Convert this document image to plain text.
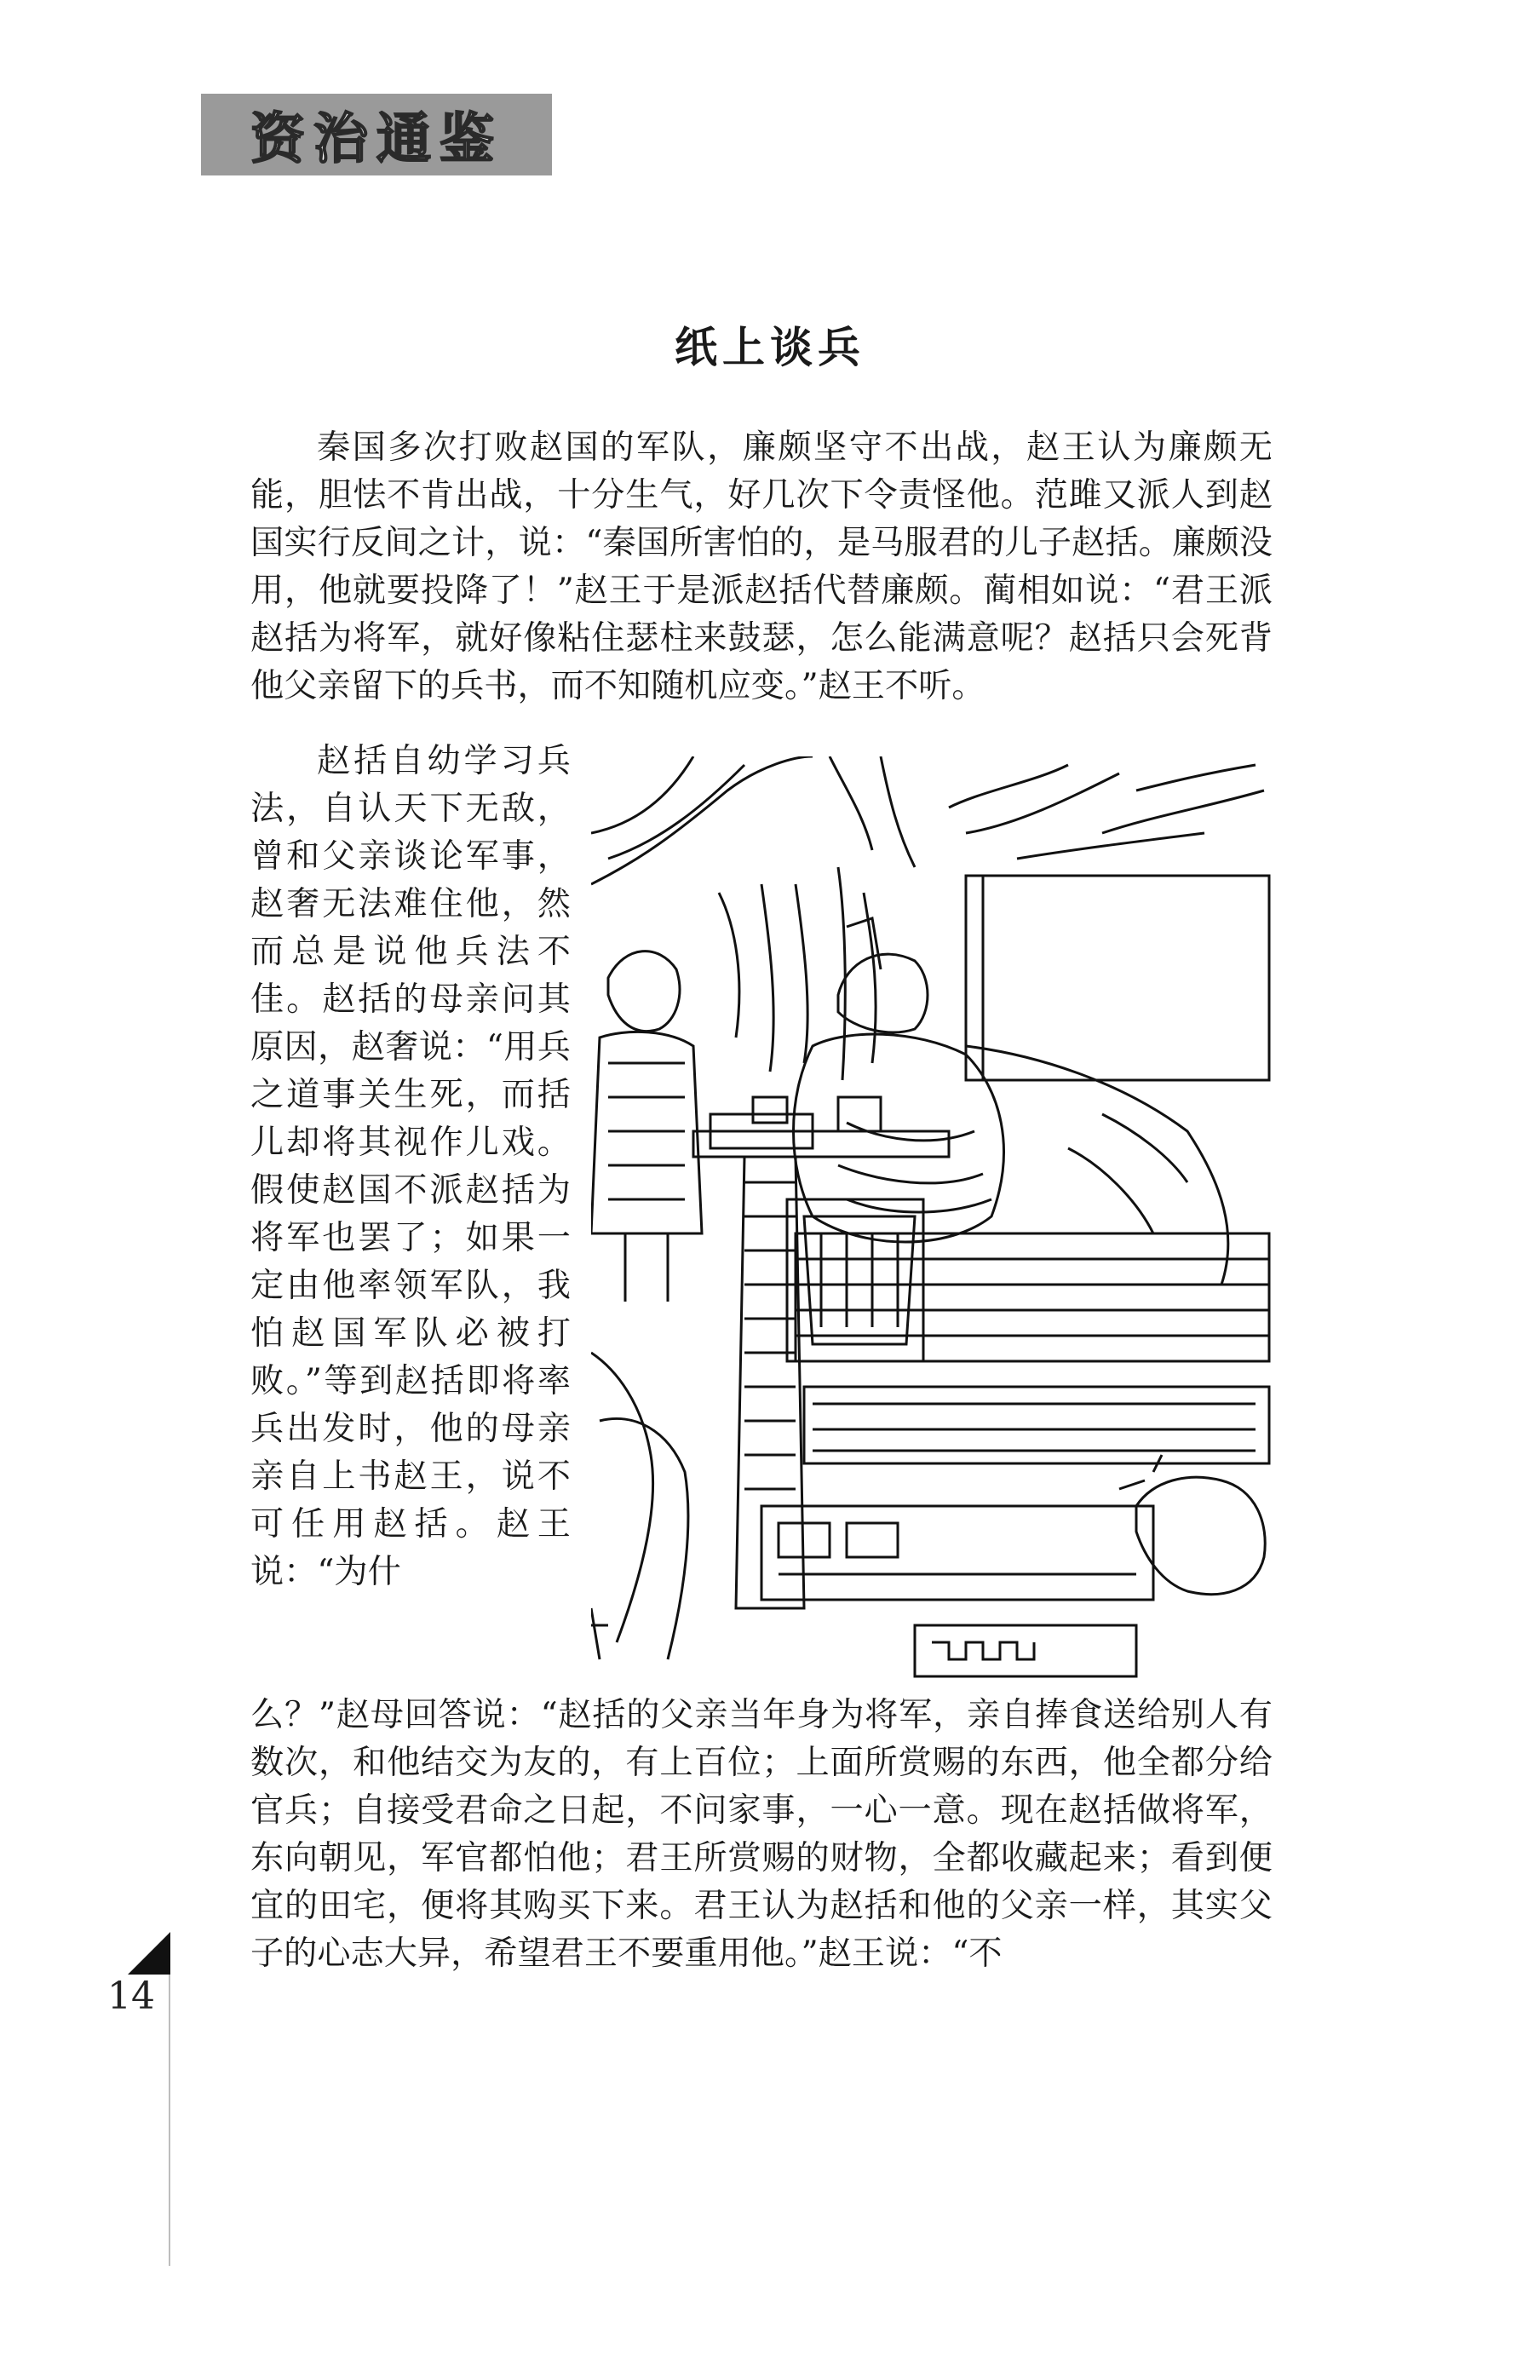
资治通鉴
纸上谈兵

秦国多次打败赵国的军队，廉颇坚守不出战，赵王认为廉颇无能，胆怯不肯出战，十分生气，好几次下令责怪他。范雎又派人到赵国实行反间之计，说：“秦国所害怕的，是马服君的儿子赵括。廉颇没用，他就要投降了！”赵王于是派赵括代替廉颇。蔺相如说：“君王派赵括为将军，就好像粘住瑟柱来鼓瑟，怎么能满意呢？赵括只会死背他父亲留下的兵书，而不知随机应变。”赵王不听。

赵括自幼学习兵法，自认天下无敌，曾和父亲谈论军事，赵奢无法难住他，然而总是说他兵法不佳。赵括的母亲问其原因，赵奢说：“用兵之道事关生死，而括儿却将其视作儿戏。假使赵国不派赵括为将军也罢了；如果一定由他率领军队，我怕赵国军队必被打败。”等到赵括即将率兵出发时，他的母亲亲自上书赵王，说不可任用赵括。赵王说：“为什

么？”赵母回答说：“赵括的父亲当年身为将军，亲自捧食送给别人有数次，和他结交为友的，有上百位；上面所赏赐的东西，他全都分给官兵；自接受君命之日起，不问家事，一心一意。现在赵括做将军，东向朝见，军官都怕他；君王所赏赐的财物，全都收藏起来；看到便宜的田宅，便将其购买下来。君王认为赵括和他的父亲一样，其实父子的心志大异，希望君王不要重用他。”赵王说：“不

14
